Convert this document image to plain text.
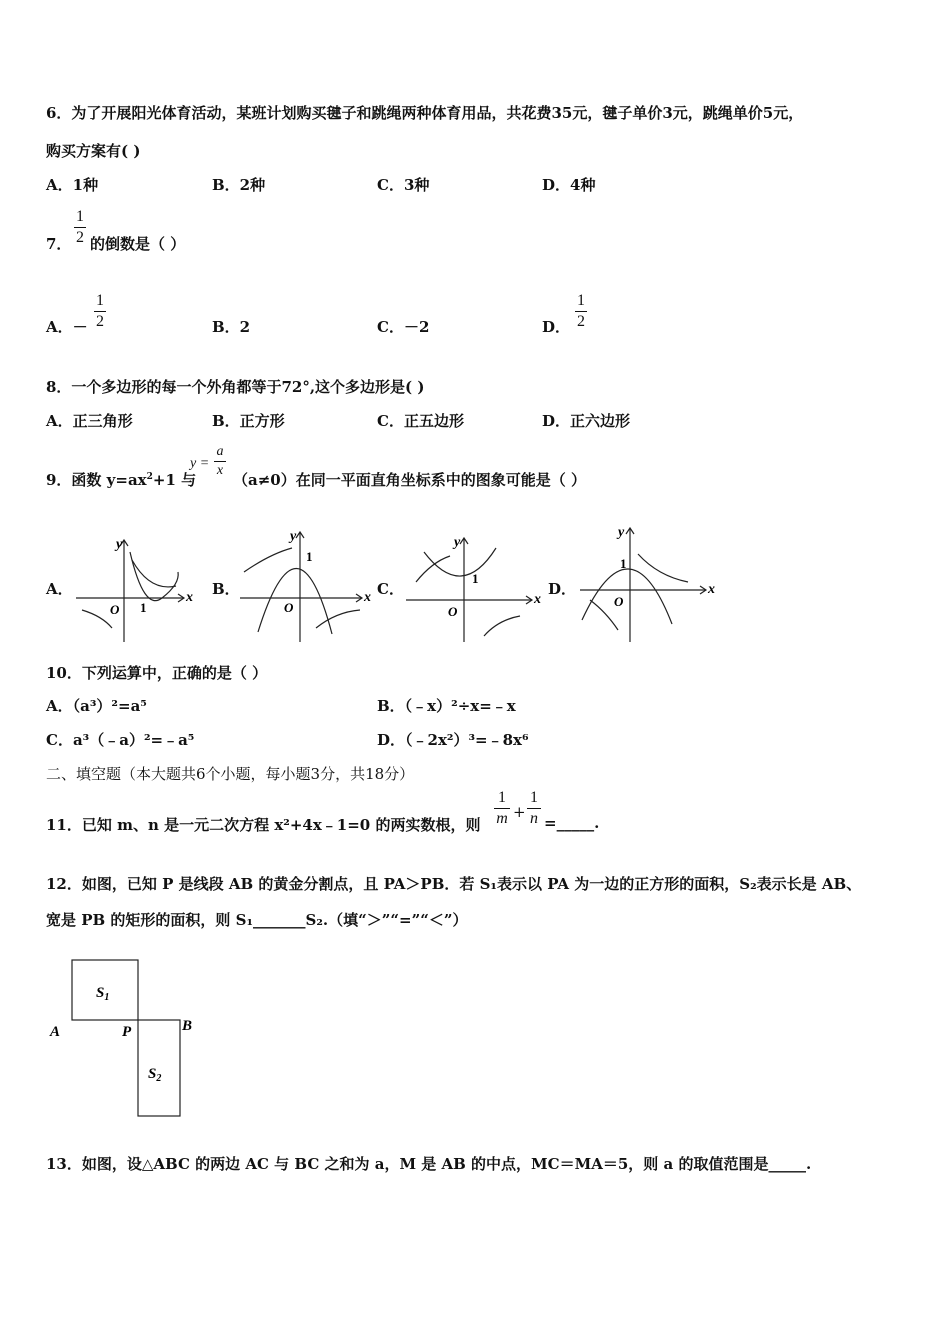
6．为了开展阳光体育活动，某班计划购买毽子和跳绳两种体育用品，共花费35元，毽子单价3元，跳绳单价5元，
购买方案有( )
A．1种	B．2种	C．3种	D．4种
7．
1
2 的倒数是（ ）
A．－
1
2	B．2	C．－2	D．
1
2
8．一个多边形的每一个外角都等于72°,这个多边形是( )
A．正三角形	B．正方形	C．正五边形	D．正六边形
9．函数 $y=ax^2+1$ 与
y =
a
x
（a≠0）在同一平面直角坐标系中的图象可能是（ ）
A．	B．	C．	D．
x
y
O 1
x
y
O
1
x
y
O
1
x
y
O
1
10．下列运算中，正确的是（ ）
A．（a³）²=a⁵	B．（﹣x）²÷x=﹣x
C．a³（﹣a）²=﹣a⁵	D．（﹣2x²）³=﹣8x⁶
二、填空题（本大题共6个小题，每小题3分，共18分）
11．已知 m、n 是一元二次方程 x²+4x﹣1=0 的两实数根，则
1
m +
1
n =_____.
12．如图，已知 P 是线段 AB 的黄金分割点，且 PA＞PB．若 S₁表示以 PA 为一边的正方形的面积，S₂表示长是 AB、
宽是 PB 的矩形的面积，则 S₁_______S₂.（填“＞”“=”“＜”）
A	P	B
$S_1$
$S_2$
13．如图，设△ABC 的两边 AC 与 BC 之和为 a，M 是 AB 的中点，MC＝MA＝5，则 a 的取值范围是_____.
